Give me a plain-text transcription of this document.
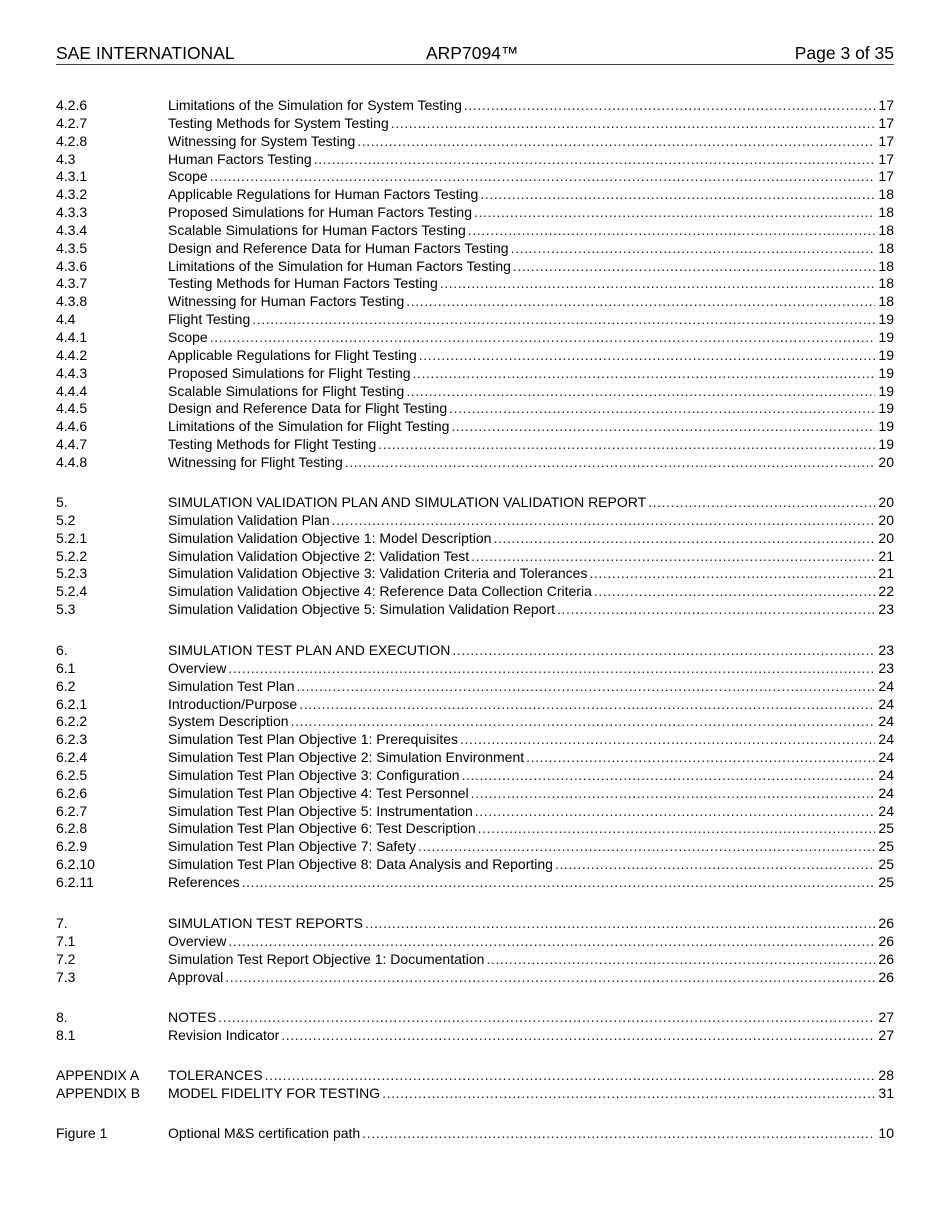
SAE INTERNATIONAL	ARP7094™	Page 3 of 35
4.2.6	Limitations of the Simulation for System Testing .....	17
4.2.7	Testing Methods for System Testing .....	17
4.2.8	Witnessing for System Testing .....	17
4.3	Human Factors Testing .....	17
4.3.1	Scope .....	17
4.3.2	Applicable Regulations for Human Factors Testing .....	18
4.3.3	Proposed Simulations for Human Factors Testing .....	18
4.3.4	Scalable Simulations for Human Factors Testing .....	18
4.3.5	Design and Reference Data for Human Factors Testing .....	18
4.3.6	Limitations of the Simulation for Human Factors Testing .....	18
4.3.7	Testing Methods for Human Factors Testing .....	18
4.3.8	Witnessing for Human Factors Testing .....	18
4.4	Flight Testing .....	19
4.4.1	Scope .....	19
4.4.2	Applicable Regulations for Flight Testing .....	19
4.4.3	Proposed Simulations for Flight Testing .....	19
4.4.4	Scalable Simulations for Flight Testing .....	19
4.4.5	Design and Reference Data for Flight Testing .....	19
4.4.6	Limitations of the Simulation for Flight Testing .....	19
4.4.7	Testing Methods for Flight Testing .....	19
4.4.8	Witnessing for Flight Testing .....	20
5.	SIMULATION VALIDATION PLAN AND SIMULATION VALIDATION REPORT .....	20
5.2	Simulation Validation Plan .....	20
5.2.1	Simulation Validation Objective 1: Model Description .....	20
5.2.2	Simulation Validation Objective 2: Validation Test .....	21
5.2.3	Simulation Validation Objective 3: Validation Criteria and Tolerances .....	21
5.2.4	Simulation Validation Objective 4: Reference Data Collection Criteria .....	22
5.3	Simulation Validation Objective 5: Simulation Validation Report .....	23
6.	SIMULATION TEST PLAN AND EXECUTION .....	23
6.1	Overview .....	23
6.2	Simulation Test Plan .....	24
6.2.1	Introduction/Purpose .....	24
6.2.2	System Description .....	24
6.2.3	Simulation Test Plan Objective 1: Prerequisites .....	24
6.2.4	Simulation Test Plan Objective 2: Simulation Environment .....	24
6.2.5	Simulation Test Plan Objective 3: Configuration .....	24
6.2.6	Simulation Test Plan Objective 4: Test Personnel .....	24
6.2.7	Simulation Test Plan Objective 5: Instrumentation .....	24
6.2.8	Simulation Test Plan Objective 6: Test Description .....	25
6.2.9	Simulation Test Plan Objective 7: Safety .....	25
6.2.10	Simulation Test Plan Objective 8: Data Analysis and Reporting .....	25
6.2.11	References .....	25
7.	SIMULATION TEST REPORTS .....	26
7.1	Overview .....	26
7.2	Simulation Test Report Objective 1: Documentation .....	26
7.3	Approval .....	26
8.	NOTES .....	27
8.1	Revision Indicator .....	27
APPENDIX A	TOLERANCES .....	28
APPENDIX B	MODEL FIDELITY FOR TESTING .....	31
Figure 1	Optional M&S certification path .....	10
